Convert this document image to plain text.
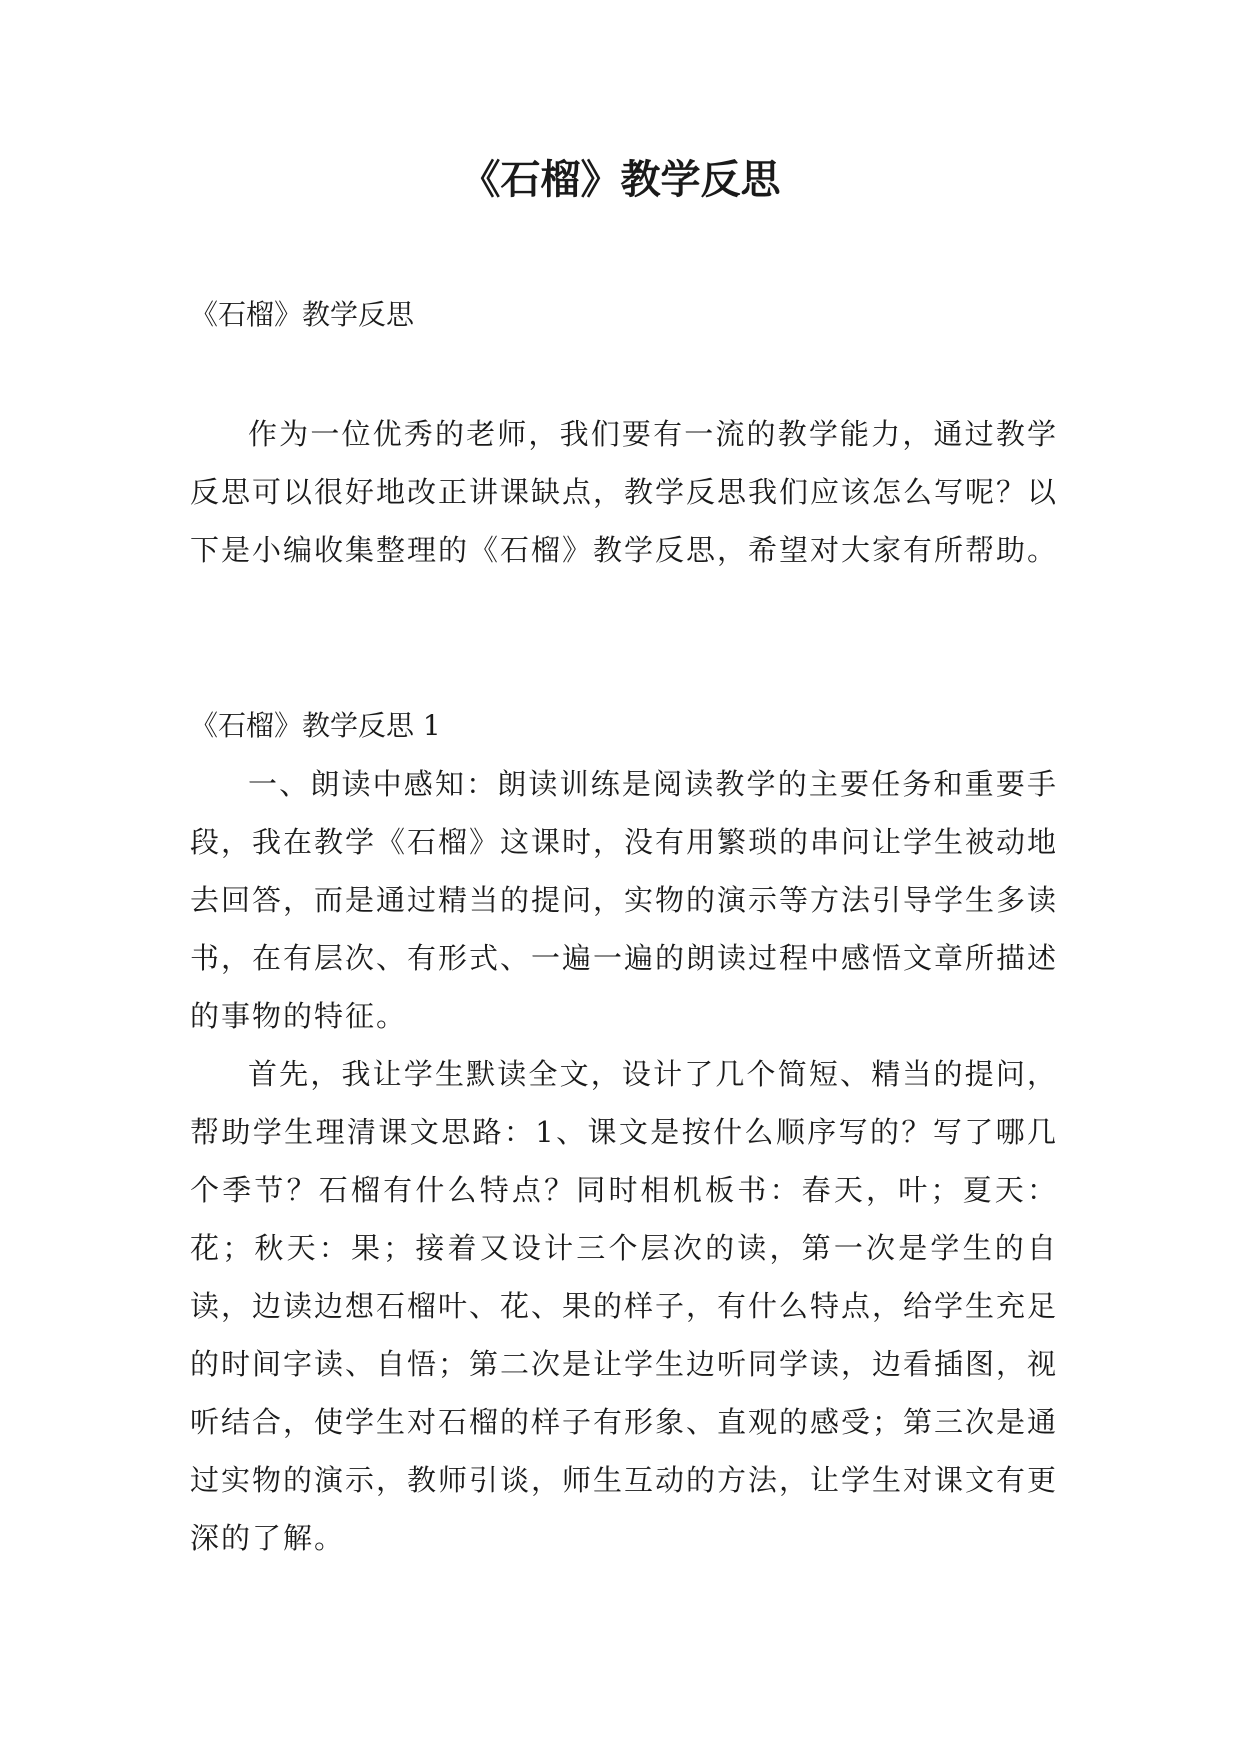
《石榴》教学反思

《石榴》教学反思

作为一位优秀的老师，我们要有一流的教学能力，通过教学反思可以很好地改正讲课缺点，教学反思我们应该怎么写呢？以下是小编收集整理的《石榴》教学反思，希望对大家有所帮助。

《石榴》教学反思 1

一、朗读中感知：朗读训练是阅读教学的主要任务和重要手段，我在教学《石榴》这课时，没有用繁琐的串问让学生被动地去回答，而是通过精当的提问，实物的演示等方法引导学生多读书，在有层次、有形式、一遍一遍的朗读过程中感悟文章所描述的事物的特征。

首先，我让学生默读全文，设计了几个简短、精当的提问，帮助学生理清课文思路：1、课文是按什么顺序写的？写了哪几个季节？石榴有什么特点？同时相机板书：春天，叶；夏天：花；秋天：果；接着又设计三个层次的读，第一次是学生的自读，边读边想石榴叶、花、果的样子，有什么特点，给学生充足的时间字读、自悟；第二次是让学生边听同学读，边看插图，视听结合，使学生对石榴的样子有形象、直观的感受；第三次是通过实物的演示，教师引谈，师生互动的方法，让学生对课文有更深的了解。
